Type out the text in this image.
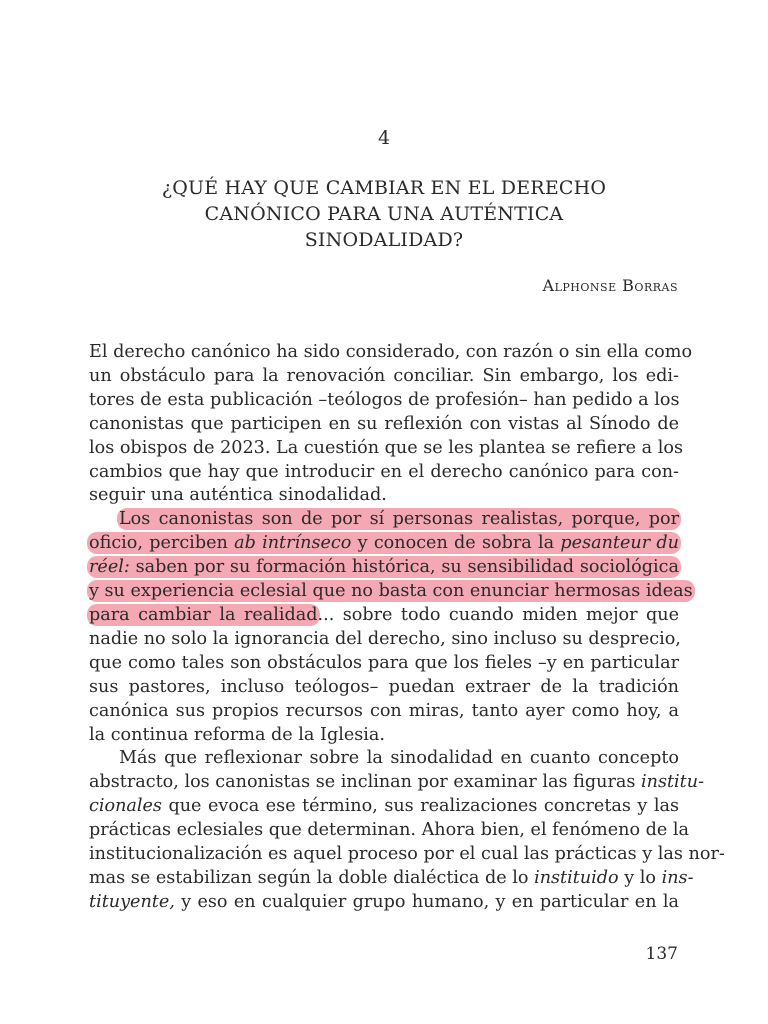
4
¿QUÉ HAY QUE CAMBIAR EN EL DERECHO
CANÓNICO PARA UNA AUTÉNTICA
SINODALIDAD?
Alphonse Borras
El derecho canónico ha sido considerado, con razón o sin ella como
un obstáculo para la renovación conciliar. Sin embargo, los edi-
tores de esta publicación –teólogos de profesión– han pedido a los
canonistas que participen en su reflexión con vistas al Sínodo de
los obispos de 2023. La cuestión que se les plantea se refiere a los
cambios que hay que introducir en el derecho canónico para con-
seguir una auténtica sinodalidad.
Los canonistas son de por sí personas realistas, porque, por
oficio, perciben ab intrínseco y conocen de sobra la pesanteur du
réel: saben por su formación histórica, su sensibilidad sociológica
y su experiencia eclesial que no basta con enunciar hermosas ideas
para cambiar la realidad... sobre todo cuando miden mejor que
nadie no solo la ignorancia del derecho, sino incluso su desprecio,
que como tales son obstáculos para que los fieles –y en particular
sus pastores, incluso teólogos– puedan extraer de la tradición
canónica sus propios recursos con miras, tanto ayer como hoy, a
la continua reforma de la Iglesia.
Más que reflexionar sobre la sinodalidad en cuanto concepto
abstracto, los canonistas se inclinan por examinar las figuras institu-
cionales que evoca ese término, sus realizaciones concretas y las
prácticas eclesiales que determinan. Ahora bien, el fenómeno de la
institucionalización es aquel proceso por el cual las prácticas y las nor-
mas se estabilizan según la doble dialéctica de lo instituido y lo ins-
tituyente, y eso en cualquier grupo humano, y en particular en la
137
